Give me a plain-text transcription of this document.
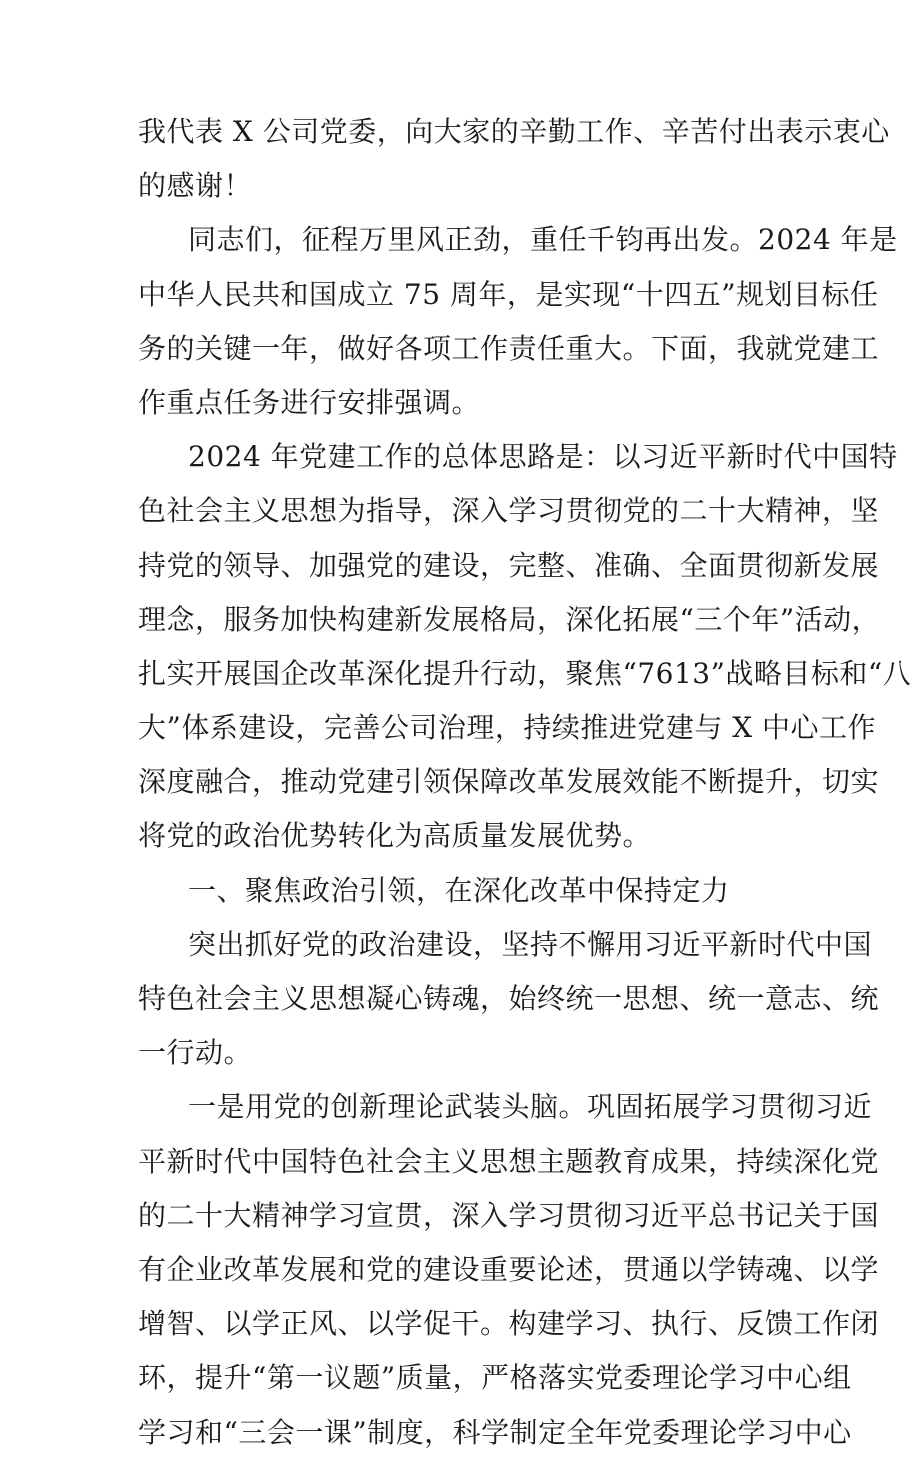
我代表 X 公司党委，向大家的辛勤工作、辛苦付出表示衷心
的感谢！
同志们，征程万里风正劲，重任千钧再出发。2024 年是
中华人民共和国成立 75 周年，是实现“十四五”规划目标任
务的关键一年，做好各项工作责任重大。下面，我就党建工
作重点任务进行安排强调。
2024 年党建工作的总体思路是：以习近平新时代中国特
色社会主义思想为指导，深入学习贯彻党的二十大精神，坚
持党的领导、加强党的建设，完整、准确、全面贯彻新发展
理念，服务加快构建新发展格局，深化拓展“三个年”活动，
扎实开展国企改革深化提升行动，聚焦“7613”战略目标和“八
大”体系建设，完善公司治理，持续推进党建与 X 中心工作
深度融合，推动党建引领保障改革发展效能不断提升，切实
将党的政治优势转化为高质量发展优势。
一、聚焦政治引领，在深化改革中保持定力
突出抓好党的政治建设，坚持不懈用习近平新时代中国
特色社会主义思想凝心铸魂，始终统一思想、统一意志、统
一行动。
一是用党的创新理论武装头脑。巩固拓展学习贯彻习近
平新时代中国特色社会主义思想主题教育成果，持续深化党
的二十大精神学习宣贯，深入学习贯彻习近平总书记关于国
有企业改革发展和党的建设重要论述，贯通以学铸魂、以学
增智、以学正风、以学促干。构建学习、执行、反馈工作闭
环，提升“第一议题”质量，严格落实党委理论学习中心组
学习和“三会一课”制度，科学制定全年党委理论学习中心
